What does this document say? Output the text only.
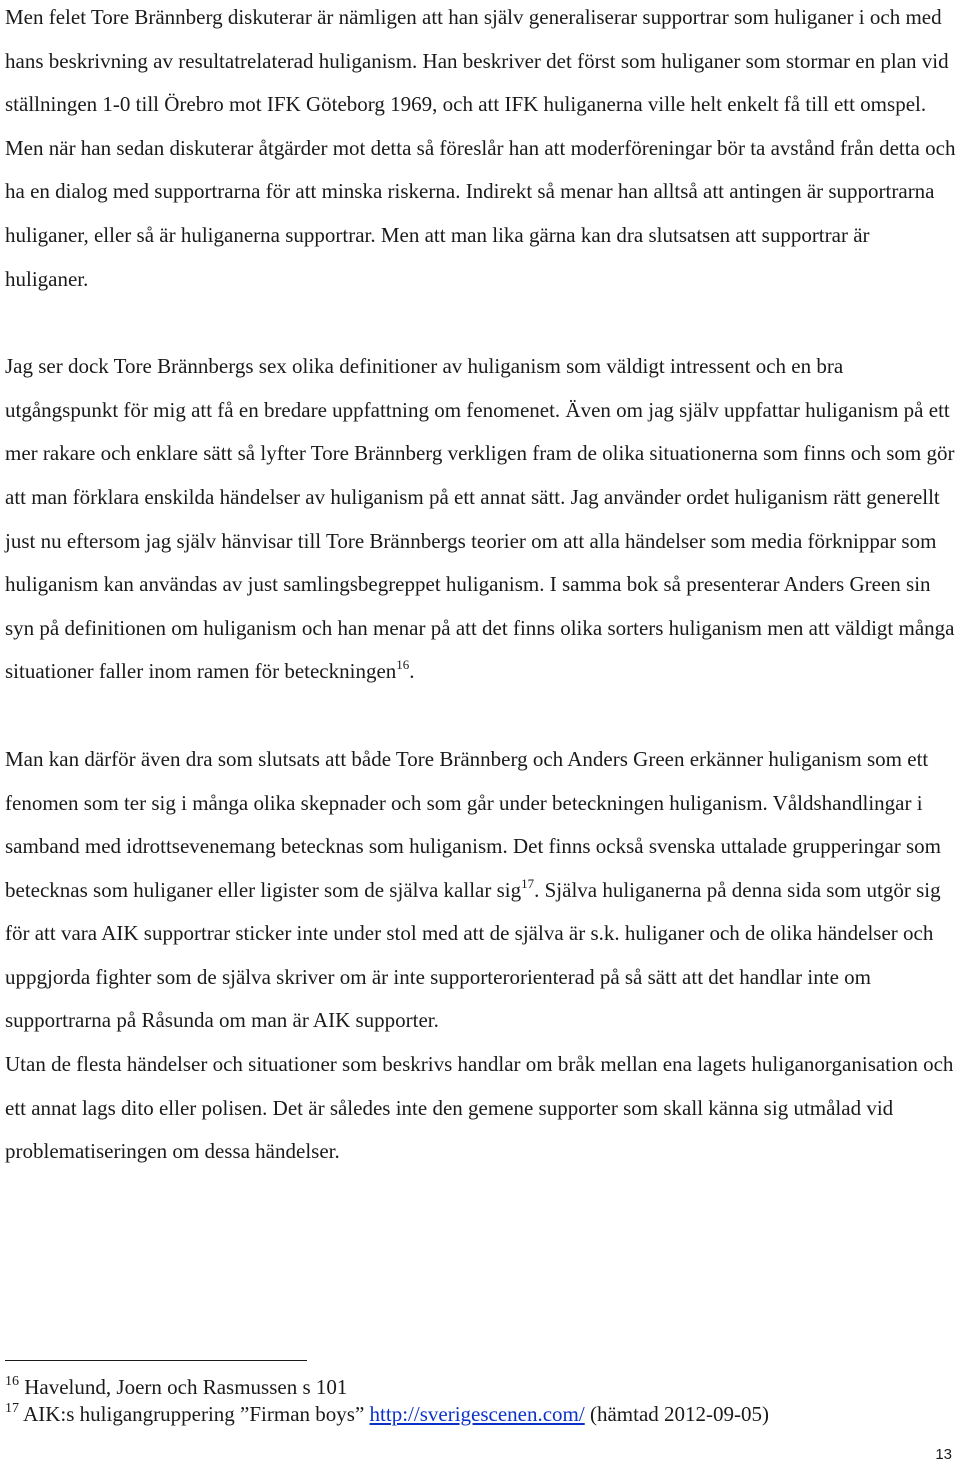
Men felet Tore Brännberg diskuterar är nämligen att han själv generaliserar supportrar som huliganer i och med hans beskrivning av resultatrelaterad huliganism. Han beskriver det först som huliganer som stormar en plan vid ställningen 1-0 till Örebro mot IFK Göteborg 1969, och att IFK huliganerna ville helt enkelt få till ett omspel. Men när han sedan diskuterar åtgärder mot detta så föreslår han att moderföreningar bör ta avstånd från detta och ha en dialog med supportrarna för att minska riskerna. Indirekt så menar han alltså att antingen är supportrarna huliganer, eller så är huliganerna supportrar. Men att man lika gärna kan dra slutsatsen att supportrar är huliganer.

Jag ser dock Tore Brännbergs sex olika definitioner av huliganism som väldigt intressent och en bra utgångspunkt för mig att få en bredare uppfattning om fenomenet. Även om jag själv uppfattar huliganism på ett mer rakare och enklare sätt så lyfter Tore Brännberg verkligen fram de olika situationerna som finns och som gör att man förklara enskilda händelser av huliganism på ett annat sätt. Jag använder ordet huliganism rätt generellt just nu eftersom jag själv hänvisar till Tore Brännbergs teorier om att alla händelser som media förknippar som huliganism kan användas av just samlingsbegreppet huliganism. I samma bok så presenterar Anders Green sin syn på definitionen om huliganism och han menar på att det finns olika sorters huliganism men att väldigt många situationer faller inom ramen för beteckningen$^{16}$.

Man kan därför även dra som slutsats att både Tore Brännberg och Anders Green erkänner huliganism som ett fenomen som ter sig i många olika skepnader och som går under beteckningen huliganism. Våldshandlingar i samband med idrottsevenemang betecknas som huliganism. Det finns också svenska uttalade grupperingar som betecknas som huliganer eller ligister som de själva kallar sig$^{17}$. Själva huliganerna på denna sida som utgör sig för att vara AIK supportrar sticker inte under stol med att de själva är s.k. huliganer och de olika händelser och uppgjorda fighter som de själva skriver om är inte supporterorienterad på så sätt att det handlar inte om supportrarna på Råsunda om man är AIK supporter.

Utan de flesta händelser och situationer som beskrivs handlar om bråk mellan ena lagets huliganorganisation och ett annat lags dito eller polisen. Det är således inte den gemene supporter som skall känna sig utmålad vid problematiseringen om dessa händelser.

$^{16}$ Havelund, Joern och Rasmussen s 101

$^{17}$ AIK:s huligangruppering ”Firman boys” http://sverigescenen.com/ (hämtad 2012-09-05)

13
